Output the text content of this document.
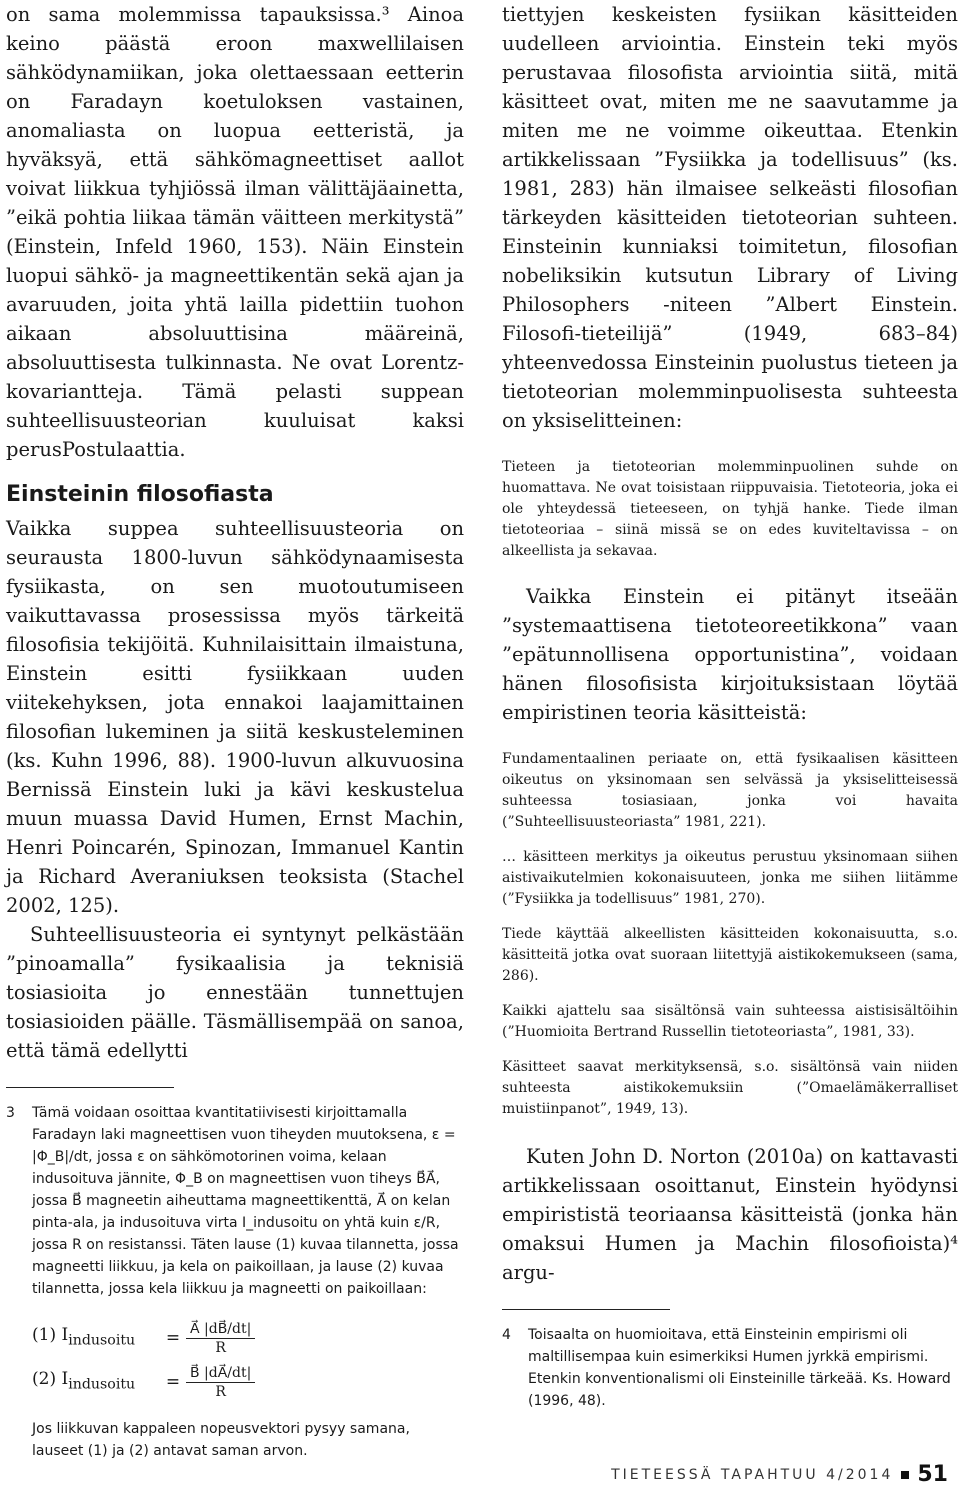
on sama molemmissa tapauksissa.³ Ainoa keino päästä eroon maxwellilaisen sähködynamiikan, joka olettaessaan eetterin on Faradayn koetuloksen vastainen, anomaliasta on luopua eetteristä, ja hyväksyä, että sähkömagneettiset aallot voivat liikkua tyhjiössä ilman välittäjäainetta, ”eikä pohtia liikaa tämän väitteen merkitystä” (Einstein, Infeld 1960, 153). Näin Einstein luopui sähkö- ja magneettikentän sekä ajan ja avaruuden, joita yhtä lailla pidettiin tuohon aikaan absoluuttisina määreinä, absoluuttisesta tulkinnasta. Ne ovat Lorentz-kovariantteja. Tämä pelasti suppean suhteellisuusteorian kuuluisat kaksi perusPostulaattia.
Einsteinin filosofiasta
Vaikka suppea suhteellisuusteoria on seurausta 1800-luvun sähködynaamisesta fysiikasta, on sen muotoutumiseen vaikuttavassa prosessissa myös tärkeitä filosofisia tekijöitä. Kuhnilaisittain ilmaistuna, Einstein esitti fysiikkaan uuden viitekehyksen, jota ennakoi laajamittainen filosofian lukeminen ja siitä keskusteleminen (ks. Kuhn 1996, 88). 1900-luvun alkuvuosina Bernissä Einstein luki ja kävi keskustelua muun muassa David Humen, Ernst Machin, Henri Poincarén, Spinozan, Immanuel Kantin ja Richard Averaniuksen teoksista (Stachel 2002, 125).
Suhteellisuusteoria ei syntynyt pelkästään ”pinoamalla” fysikaalisia ja teknisiä tosiasioita jo ennestään tunnettujen tosiasioiden päälle. Täsmällisempää on sanoa, että tämä edellytti
3	Tämä voidaan osoittaa kvantitatiivisesti kirjoittamalla Faradayn laki magneettisen vuon tiheyden muutoksena, ε = |Φ_B|/dt, jossa ε on sähkömotorinen voima, kelaan indusoituva jännite, Φ_B on magneettisen vuon tiheys B⃗A⃗, jossa B⃗ magneetin aiheuttama magneettikenttä, A⃗ on kelan pinta-ala, ja indusoituva virta I_indusoitu on yhtä kuin ε/R, jossa R on resistanssi. Täten lause (1) kuvaa tilannetta, jossa magneetti liikkuu, ja kela on paikoillaan, ja lause (2) kuvaa tilannetta, jossa kela liikkuu ja magneetti on paikoillaan:
(1) $I_{indusoitu}$	= $\frac{A⃗ |dB⃗/dt|}{R}$
(2) $I_{indusoitu}$	= $\frac{B⃗ |dA⃗/dt|}{R}$
Jos liikkuvan kappaleen nopeusvektori pysyy samana, lauseet (1) ja (2) antavat saman arvon.
tiettyjen keskeisten fysiikan käsitteiden uudelleen arviointia. Einstein teki myös perustavaa filosofista arviointia siitä, mitä käsitteet ovat, miten me ne saavutamme ja miten me ne voimme oikeuttaa. Etenkin artikkelissaan ”Fysiikka ja todellisuus” (ks. 1981, 283) hän ilmaisee selkeästi filosofian tärkeyden käsitteiden tietoteorian suhteen. Einsteinin kunniaksi toimitetun, filosofian nobeliksikin kutsutun Library of Living Philosophers -niteen ”Albert Einstein. Filosofi-tieteilijä” (1949, 683–84) yhteenvedossa Einsteinin puolustus tieteen ja tietoteorian molemminpuolisesta suhteesta on yksiselitteinen:
Tieteen ja tietoteorian molemminpuolinen suhde on huomattava. Ne ovat toisistaan riippuvaisia. Tietoteoria, joka ei ole yhteydessä tieteeseen, on tyhjä hanke. Tiede ilman tietoteoriaa – siinä missä se on edes kuviteltavissa – on alkeellista ja sekavaa.
Vaikka Einstein ei pitänyt itseään ”systemaattisena tietoteoreetikkona” vaan ”epätunnollisena opportunistina”, voidaan hänen filosofisista kirjoituksistaan löytää empiristinen teoria käsitteistä:
Fundamentaalinen periaate on, että fysikaalisen käsitteen oikeutus on yksinomaan sen selvässä ja yksiselitteisessä suhteessa tosiasiaan, jonka voi havaita (”Suhteellisuusteoriasta” 1981, 221).
… käsitteen merkitys ja oikeutus perustuu yksinomaan siihen aistivaikutelmien kokonaisuuteen, jonka me siihen liitämme (”Fysiikka ja todellisuus” 1981, 270).
Tiede käyttää alkeellisten käsitteiden kokonaisuutta, s.o. käsitteitä jotka ovat suoraan liitettyjä aistikokemukseen (sama, 286).
Kaikki ajattelu saa sisältönsä vain suhteessa aistisisältöihin (”Huomioita Bertrand Russellin tietoteoriasta”, 1981, 33).
Käsitteet saavat merkityksensä, s.o. sisältönsä vain niiden suhteesta aistikokemuksiin (”Omaelämäkerralliset muistiinpanot”, 1949, 13).
Kuten John D. Norton (2010a) on kattavasti artikkelissaan osoittanut, Einstein hyödynsi empirististä teoriaansa käsitteistä (jonka hän omaksui Humen ja Machin filosofioista)⁴ argu-
4	Toisaalta on huomioitava, että Einsteinin empirismi oli maltillisempaa kuin esimerkiksi Humen jyrkkä empirismi. Etenkin konventionalismi oli Einsteinille tärkeää. Ks. Howard (1996, 48).
TIETEESSÄ TAPAHTUU 4/2014 51
